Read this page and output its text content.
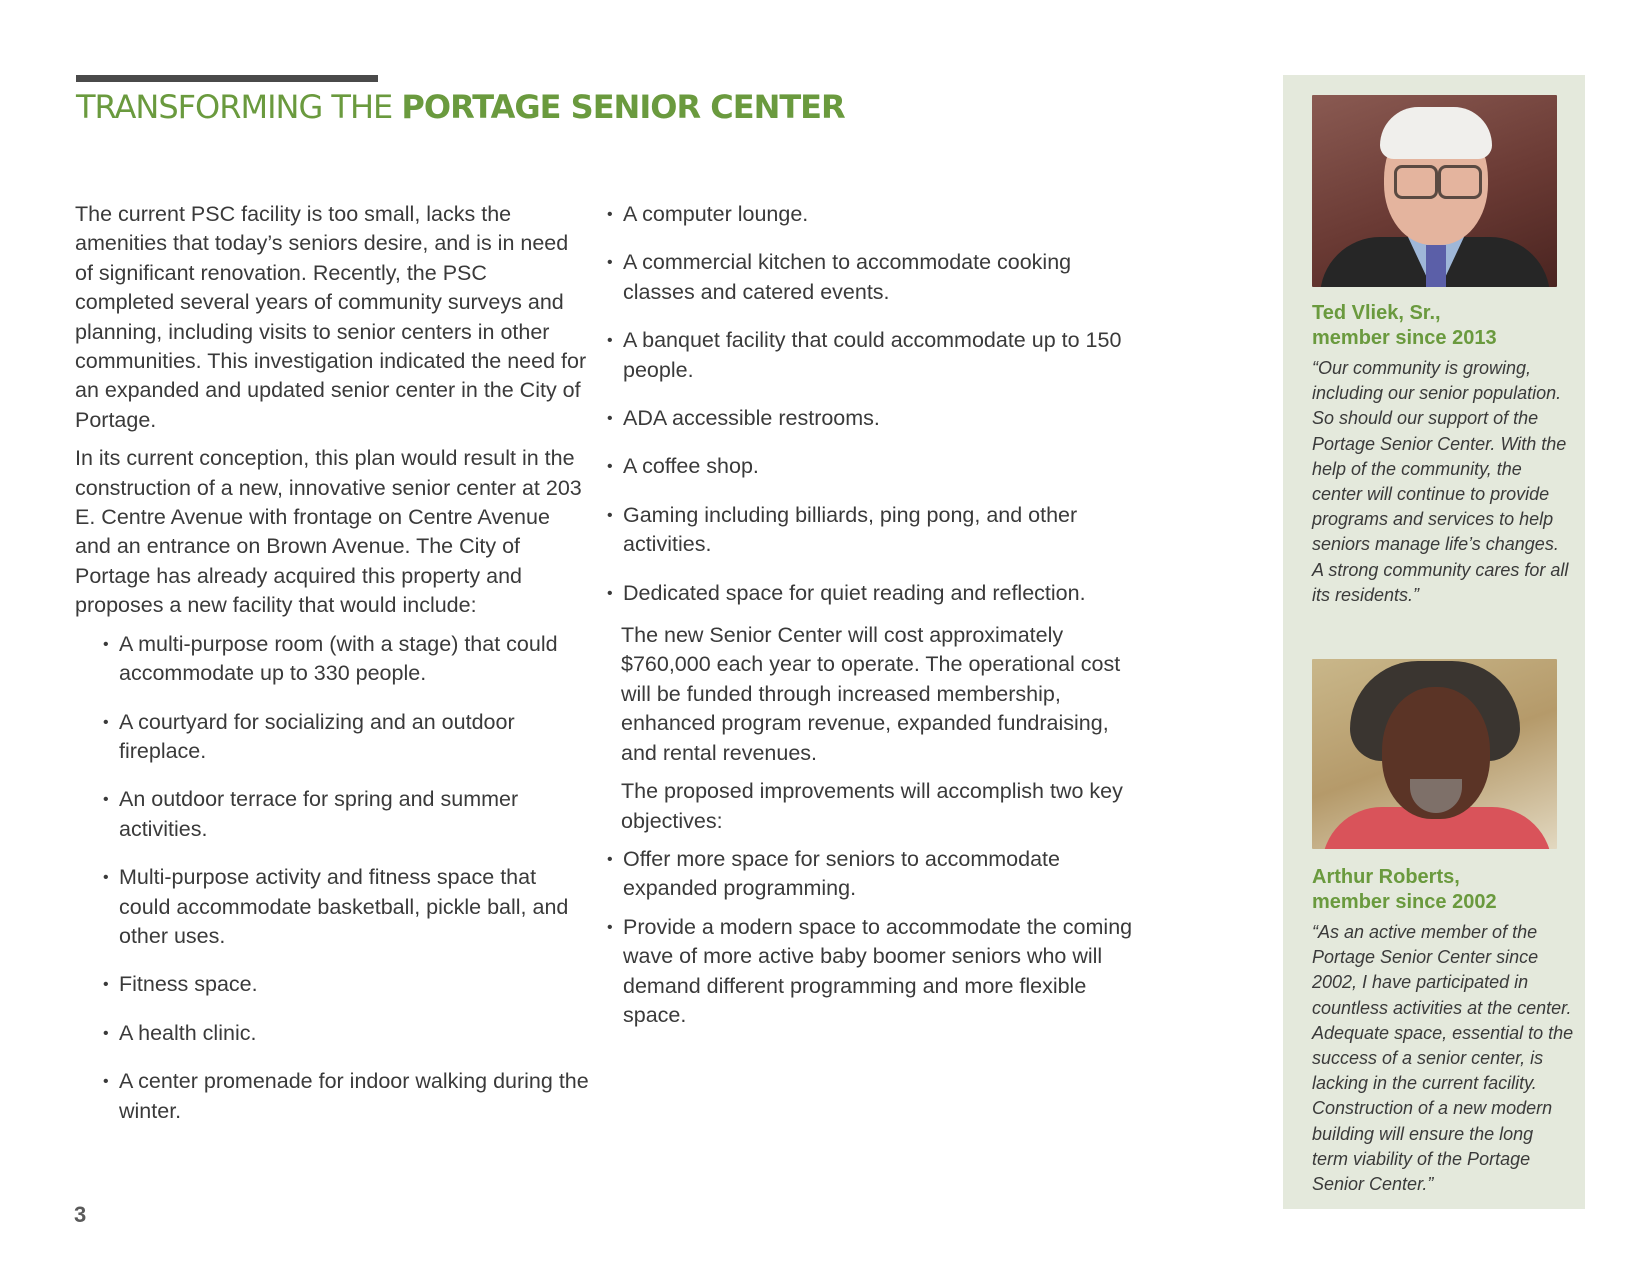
TRANSFORMING THE PORTAGE SENIOR CENTER

The current PSC facility is too small, lacks the amenities that today’s seniors desire, and is in need of significant renovation. Recently, the PSC completed several years of community surveys and planning, including visits to senior centers in other communities. This investigation indicated the need for an expanded and updated senior center in the City of Portage.

In its current conception, this plan would result in the construction of a new, innovative senior center at 203 E. Centre Avenue with frontage on Centre Avenue and an entrance on Brown Avenue. The City of Portage has already acquired this property and proposes a new facility that would include:

• A multi-purpose room (with a stage) that could accommodate up to 330 people.
• A courtyard for socializing and an outdoor fireplace.
• An outdoor terrace for spring and summer activities.
• Multi-purpose activity and fitness space that could accommodate basketball, pickle ball, and other uses.
• Fitness space.
• A health clinic.
• A center promenade for indoor walking during the winter.
• A computer lounge.
• A commercial kitchen to accommodate cooking classes and catered events.
• A banquet facility that could accommodate up to 150 people.
• ADA accessible restrooms.
• A coffee shop.
• Gaming including billiards, ping pong, and other activities.
• Dedicated space for quiet reading and reflection.

The new Senior Center will cost approximately $760,000 each year to operate. The operational cost will be funded through increased membership, enhanced program revenue, expanded fundraising, and rental revenues.

The proposed improvements will accomplish two key objectives:

• Offer more space for seniors to accommodate expanded programming.
• Provide a modern space to accommodate the coming wave of more active baby boomer seniors who will demand different programming and more flexible space.
Ted Vliek, Sr.,
member since 2013
“Our community is growing, including our senior population. So should our support of the Portage Senior Center. With the help of the community, the center will continue to provide programs and services to help seniors manage life’s changes. A strong community cares for all its residents.”
Arthur Roberts,
member since 2002
“As an active member of the Portage Senior Center since 2002, I have participated in countless activities at the center. Adequate space, essential to the success of a senior center, is lacking in the current facility. Construction of a new modern building will ensure the long term viability of the Portage Senior Center.”
3
